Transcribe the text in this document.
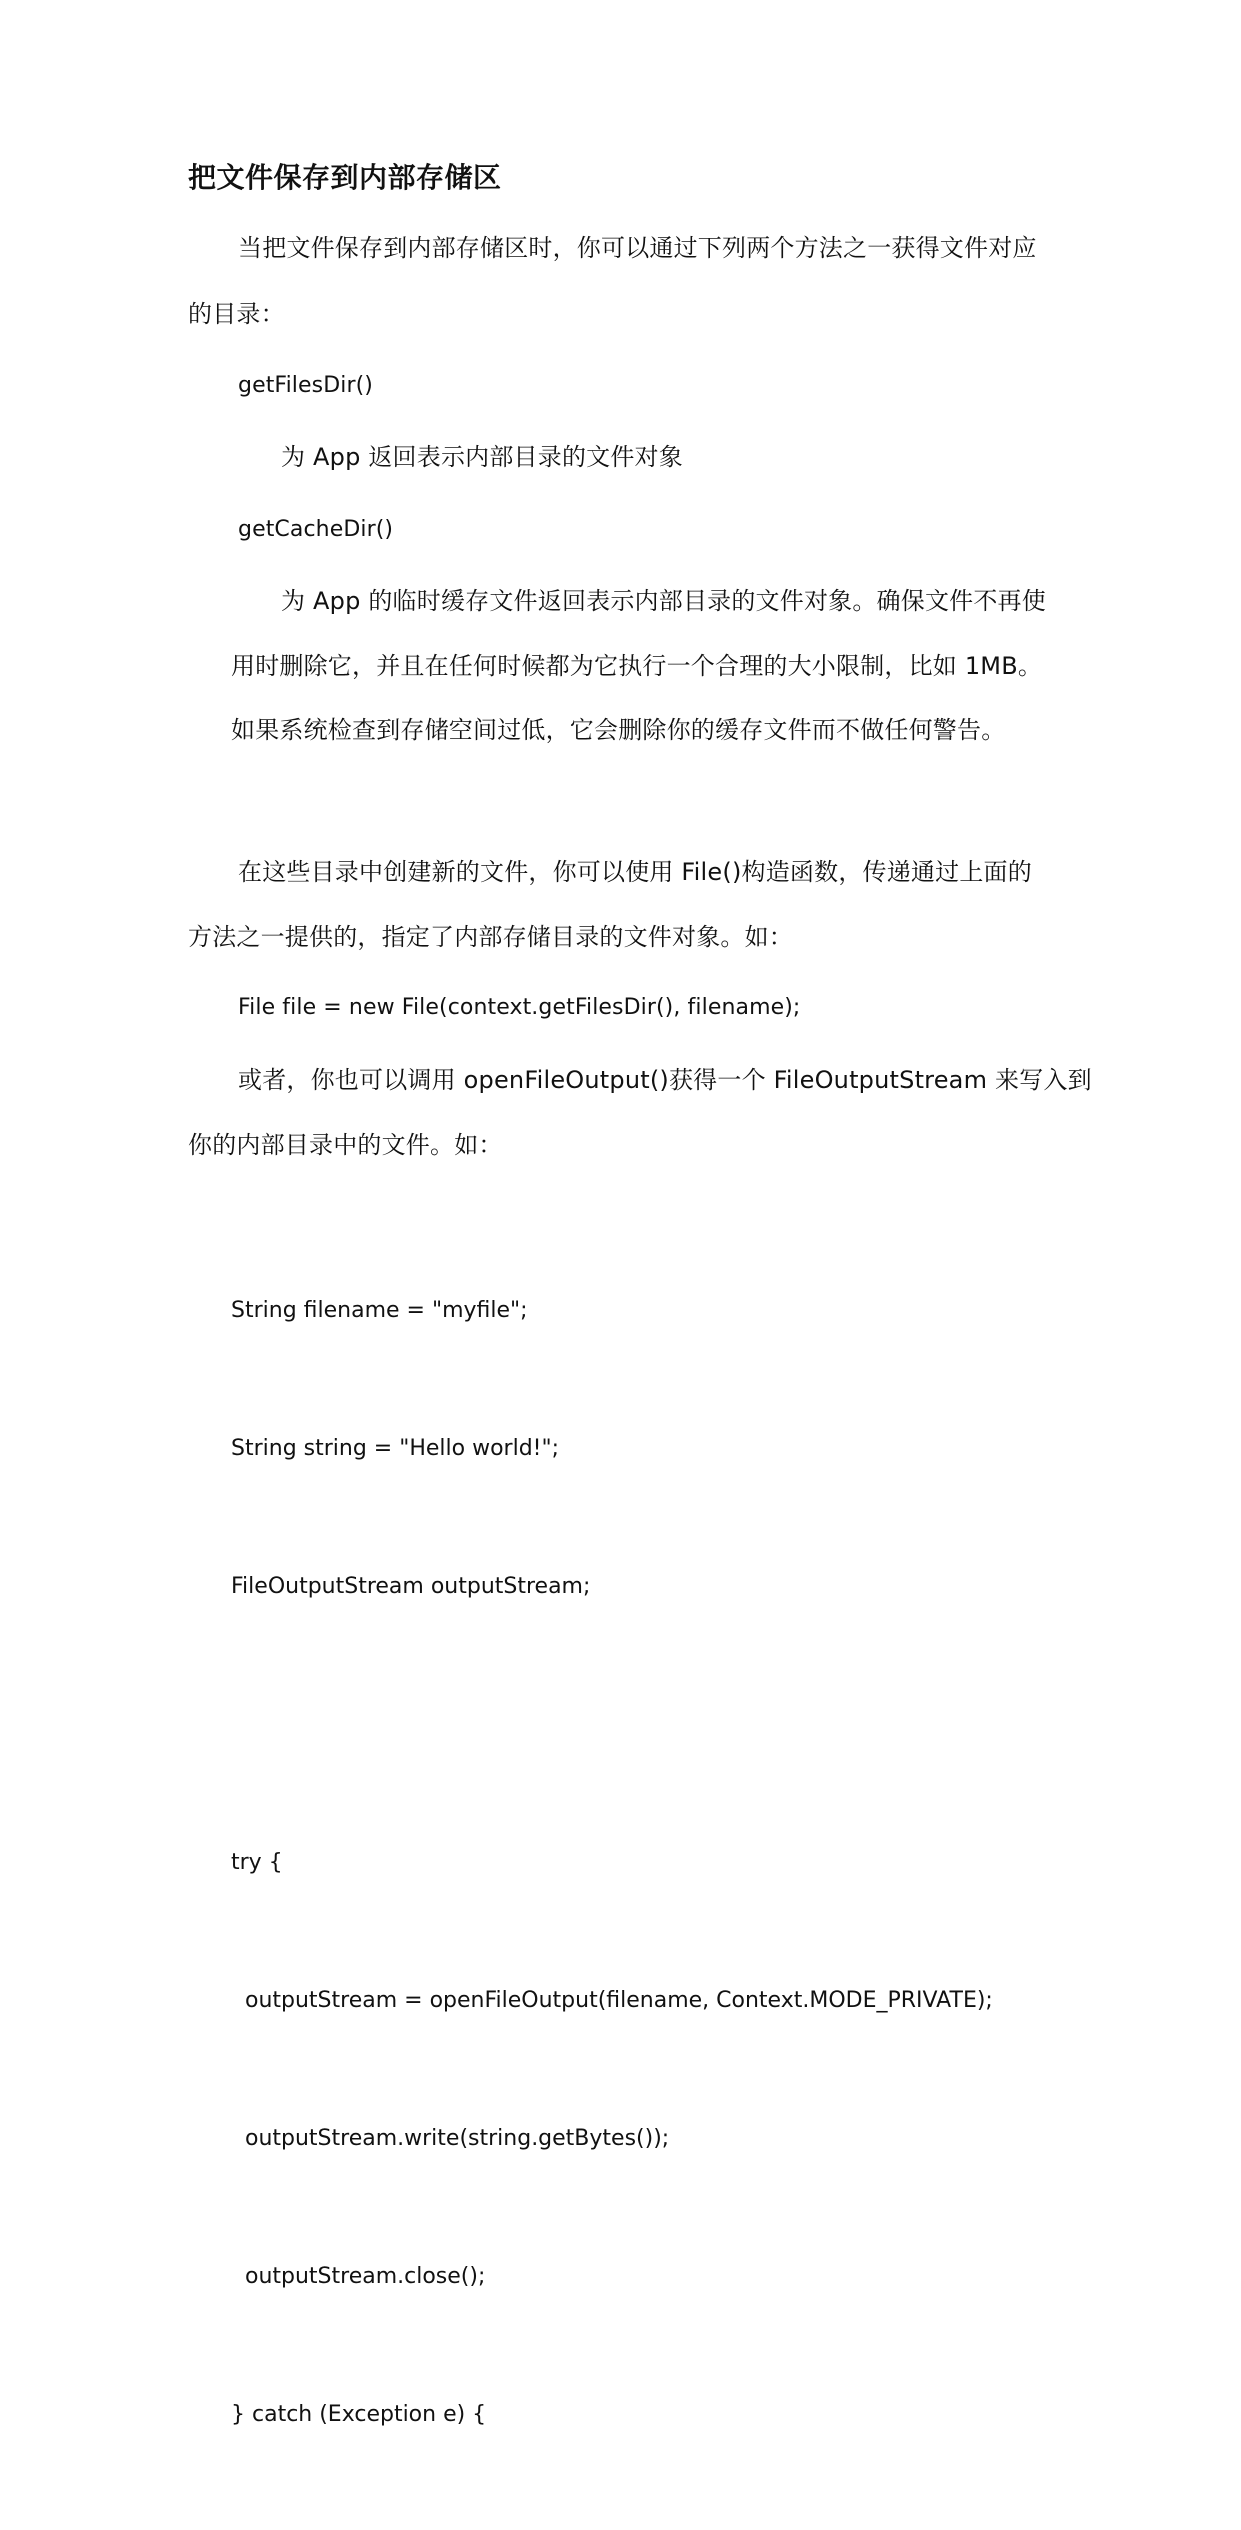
把文件保存到内部存储区
当把文件保存到内部存储区时，你可以通过下列两个方法之一获得文件对应
的目录：
getFilesDir()
为 App 返回表示内部目录的文件对象
getCacheDir()
为 App 的临时缓存文件返回表示内部目录的文件对象。确保文件不再使
用时删除它，并且在任何时候都为它执行一个合理的大小限制，比如 1MB。
如果系统检查到存储空间过低，它会删除你的缓存文件而不做任何警告。
在这些目录中创建新的文件，你可以使用 File()构造函数，传递通过上面的
方法之一提供的，指定了内部存储目录的文件对象。如：
File file = new File(context.getFilesDir(), filename);
或者，你也可以调用 openFileOutput()获得一个 FileOutputStream 来写入到
你的内部目录中的文件。如：

String filename = "myfile";

String string = "Hello world!";

FileOutputStream outputStream;

try {

outputStream = openFileOutput(filename, Context.MODE_PRIVATE);

outputStream.write(string.getBytes());

outputStream.close();

} catch (Exception e) {
